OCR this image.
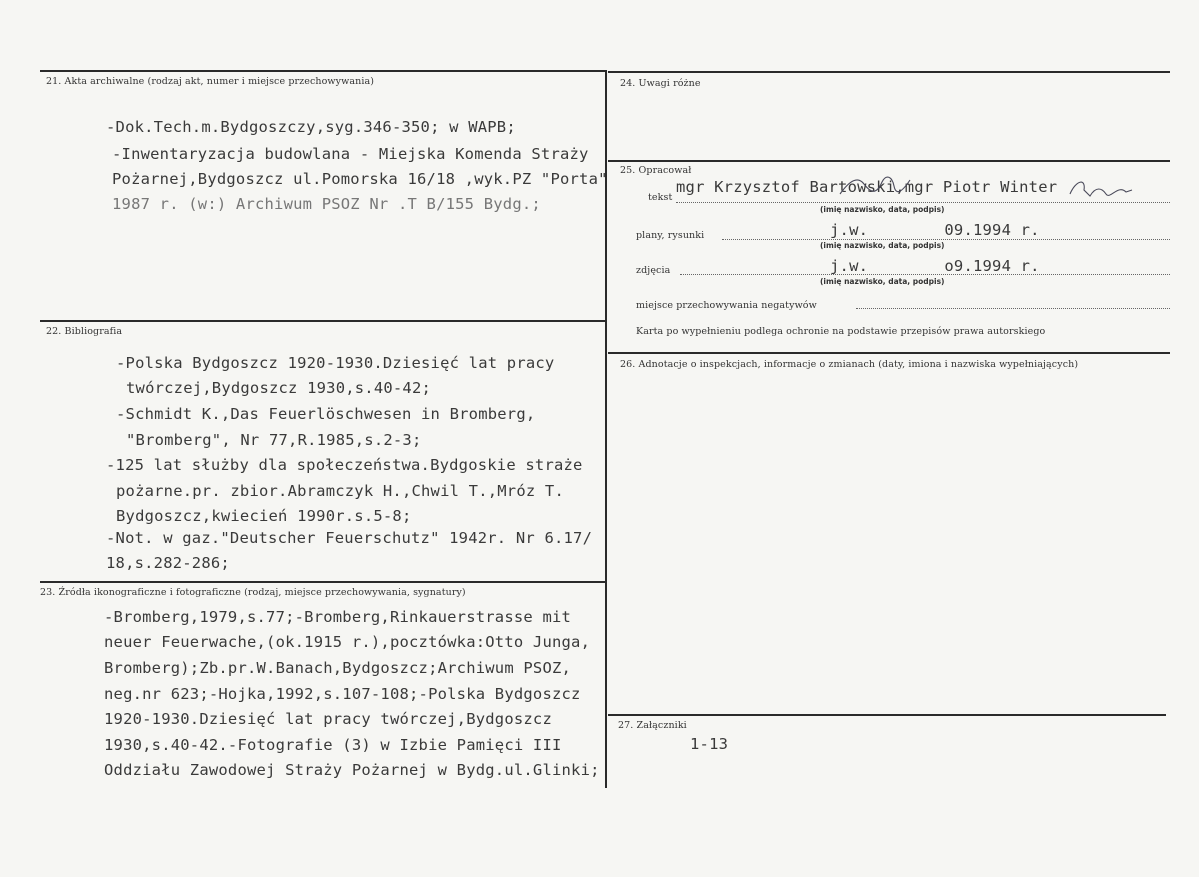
21. Akta archiwalne (rodzaj akt, numer i miejsce przechowywania)
-Dok.Tech.m.Bydgoszczy,syg.346-350; w WAPB;
-Inwentaryzacja budowlana - Miejska Komenda Straży
Pożarnej,Bydgoszcz ul.Pomorska 16/18 ,wyk.PZ "Porta"
1987 r. (w:) Archiwum PSOZ Nr .T B/155 Bydg.;
22. Bibliografia
-Polska Bydgoszcz 1920-1930.Dziesięć lat pracy
twórczej,Bydgoszcz 1930,s.40-42;
-Schmidt K.,Das Feuerlöschwesen in Bromberg,
"Bromberg", Nr 77,R.1985,s.2-3;
-125 lat służby dla społeczeństwa.Bydgoskie straże
pożarne.pr. zbior.Abramczyk H.,Chwil T.,Mróz T.
Bydgoszcz,kwiecień 1990r.s.5-8;
-Not. w gaz."Deutscher Feuerschutz" 1942r. Nr 6.17/
18,s.282-286;
23. Źródła ikonograficzne i fotograficzne (rodzaj, miejsce przechowywania, sygnatury)
-Bromberg,1979,s.77;-Bromberg,Rinkauerstrasse mit
neuer Feuerwache,(ok.1915 r.),pocztówka:Otto Junga,
Bromberg);Zb.pr.W.Banach,Bydgoszcz;Archiwum PSOZ,
neg.nr 623;-Hojka,1992,s.107-108;-Polska Bydgoszcz
1920-1930.Dziesięć lat pracy twórczej,Bydgoszcz
1930,s.40-42.-Fotografie (3) w Izbie Pamięci III
Oddziału Zawodowej Straży Pożarnej w Bydg.ul.Glinki;
24. Uwagi różne
25. Opracował
tekst
mgr Krzysztof Bartowski,mgr Piotr Winter
(imię nazwisko, data, podpis)
plany, rysunki	j.w.        09.1994 r.
(imię nazwisko, data, podpis)
zdjęcia	j.w.        o9.1994 r.
(imię nazwisko, data, podpis)
miejsce przechowywania negatywów
Karta po wypełnieniu podlega ochronie na podstawie przepisów prawa autorskiego
26. Adnotacje o inspekcjach, informacje o zmianach (daty, imiona i nazwiska wypełniających)
27. Załączniki
1-13
